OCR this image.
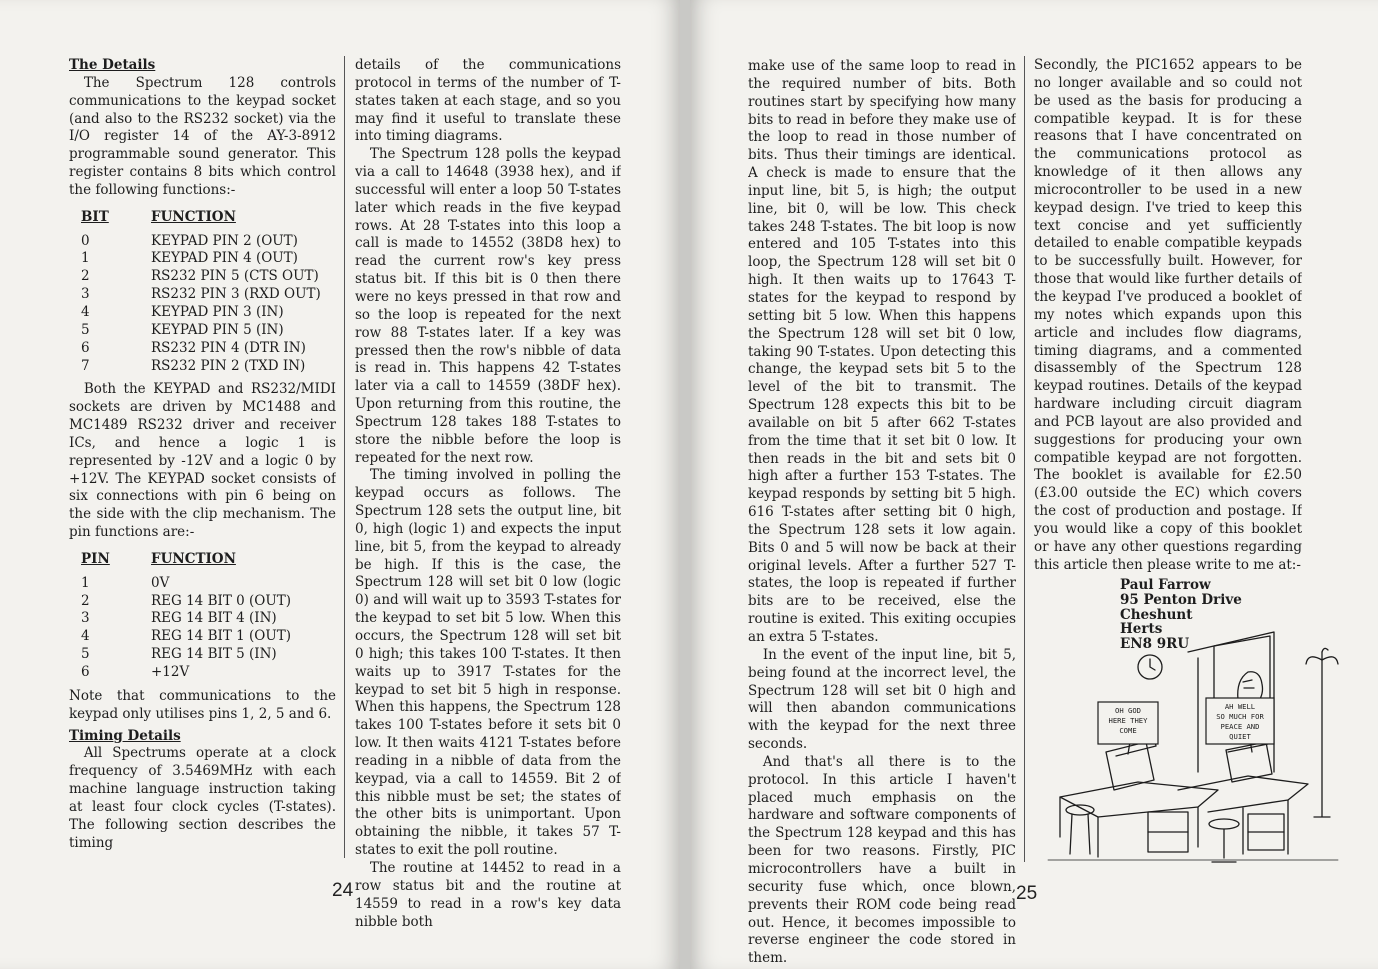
The Details

The Spectrum 128 controls communications to the keypad socket (and also to the RS232 socket) via the I/O register 14 of the AY-3-8912 programmable sound generator. This register contains 8 bits which control the following functions:-

BIT	FUNCTION
0	KEYPAD PIN 2 (OUT)
1	KEYPAD PIN 4 (OUT)
2	RS232 PIN 5 (CTS OUT)
3	RS232 PIN 3 (RXD OUT)
4	KEYPAD PIN 3 (IN)
5	KEYPAD PIN 5 (IN)
6	RS232 PIN 4 (DTR IN)
7	RS232 PIN 2 (TXD IN)

Both the KEYPAD and RS232/MIDI sockets are driven by MC1488 and MC1489 RS232 driver and receiver ICs, and hence a logic 1 is represented by -12V and a logic 0 by +12V. The KEYPAD socket consists of six connections with pin 6 being on the side with the clip mechanism. The pin functions are:-

PIN	FUNCTION
1	0V
2	REG 14 BIT 0 (OUT)
3	REG 14 BIT 4 (IN)
4	REG 14 BIT 1 (OUT)
5	REG 14 BIT 5 (IN)
6	+12V

Note that communications to the keypad only utilises pins 1, 2, 5 and 6.

Timing Details

All Spectrums operate at a clock frequency of 3.5469MHz with each machine language instruction taking at least four clock cycles (T-states). The following section describes the timing

details of the communications protocol in terms of the number of T-states taken at each stage, and so you may find it useful to translate these into timing diagrams.

The Spectrum 128 polls the keypad via a call to 14648 (3938 hex), and if successful will enter a loop 50 T-states later which reads in the five keypad rows. At 28 T-states into this loop a call is made to 14552 (38D8 hex) to read the current row's key press status bit. If this bit is 0 then there were no keys pressed in that row and so the loop is repeated for the next row 88 T-states later. If a key was pressed then the row's nibble of data is read in. This happens 42 T-states later via a call to 14559 (38DF hex). Upon returning from this routine, the Spectrum 128 takes 188 T-states to store the nibble before the loop is repeated for the next row.

The timing involved in polling the keypad occurs as follows. The Spectrum 128 sets the output line, bit 0, high (logic 1) and expects the input line, bit 5, from the keypad to already be high. If this is the case, the Spectrum 128 will set bit 0 low (logic 0) and will wait up to 3593 T-states for the keypad to set bit 5 low. When this occurs, the Spectrum 128 will set bit 0 high; this takes 100 T-states. It then waits up to 3917 T-states for the keypad to set bit 5 high in response. When this happens, the Spectrum 128 takes 100 T-states before it sets bit 0 low. It then waits 4121 T-states before reading in a nibble of data from the keypad, via a call to 14559. Bit 2 of this nibble must be set; the states of the other bits is unimportant. Upon obtaining the nibble, it takes 57 T-states to exit the poll routine.

The routine at 14452 to read in a row status bit and the routine at 14559 to read in a row's key data nibble both

24

make use of the same loop to read in the required number of bits. Both routines start by specifying how many bits to read in before they make use of the loop to read in those number of bits. Thus their timings are identical. A check is made to ensure that the input line, bit 5, is high; the output line, bit 0, will be low. This check takes 248 T-states. The bit loop is now entered and 105 T-states into this loop, the Spectrum 128 will set bit 0 high. It then waits up to 17643 T-states for the keypad to respond by setting bit 5 low. When this happens the Spectrum 128 will set bit 0 low, taking 90 T-states. Upon detecting this change, the keypad sets bit 5 to the level of the bit to transmit. The Spectrum 128 expects this bit to be available on bit 5 after 662 T-states from the time that it set bit 0 low. It then reads in the bit and sets bit 0 high after a further 153 T-states. The keypad responds by setting bit 5 high. 616 T-states after setting bit 0 high, the Spectrum 128 sets it low again. Bits 0 and 5 will now be back at their original levels. After a further 527 T-states, the loop is repeated if further bits are to be received, else the routine is exited. This exiting occupies an extra 5 T-states.

In the event of the input line, bit 5, being found at the incorrect level, the Spectrum 128 will set bit 0 high and will then abandon communications with the keypad for the next three seconds.

And that's all there is to the protocol. In this article I haven't placed much emphasis on the hardware and software components of the Spectrum 128 keypad and this has been for two reasons. Firstly, PIC microcontrollers have a built in security fuse which, once blown, prevents their ROM code being read out. Hence, it becomes impossible to reverse engineer the code stored in them.

Secondly, the PIC1652 appears to be no longer available and so could not be used as the basis for producing a compatible keypad. It is for these reasons that I have concentrated on the communications protocol as knowledge of it then allows any microcontroller to be used in a new keypad design. I've tried to keep this text concise and yet sufficiently detailed to enable compatible keypads to be successfully built. However, for those that would like further details of the keypad I've produced a booklet of my notes which expands upon this article and includes flow diagrams, timing diagrams, and a commented disassembly of the Spectrum 128 keypad routines. Details of the keypad hardware including circuit diagram and PCB layout are also provided and suggestions for producing your own compatible keypad are not forgotten. The booklet is available for £2.50 (£3.00 outside the EC) which covers the cost of production and postage. If you would like a copy of this booklet or have any other questions regarding this article then please write to me at:-

Paul Farrow
95 Penton Drive
Cheshunt
Herts
EN8 9RU
OH GOD
HERE THEY
COME
AH WELL
SO MUCH FOR
PEACE AND
QUIET
25
